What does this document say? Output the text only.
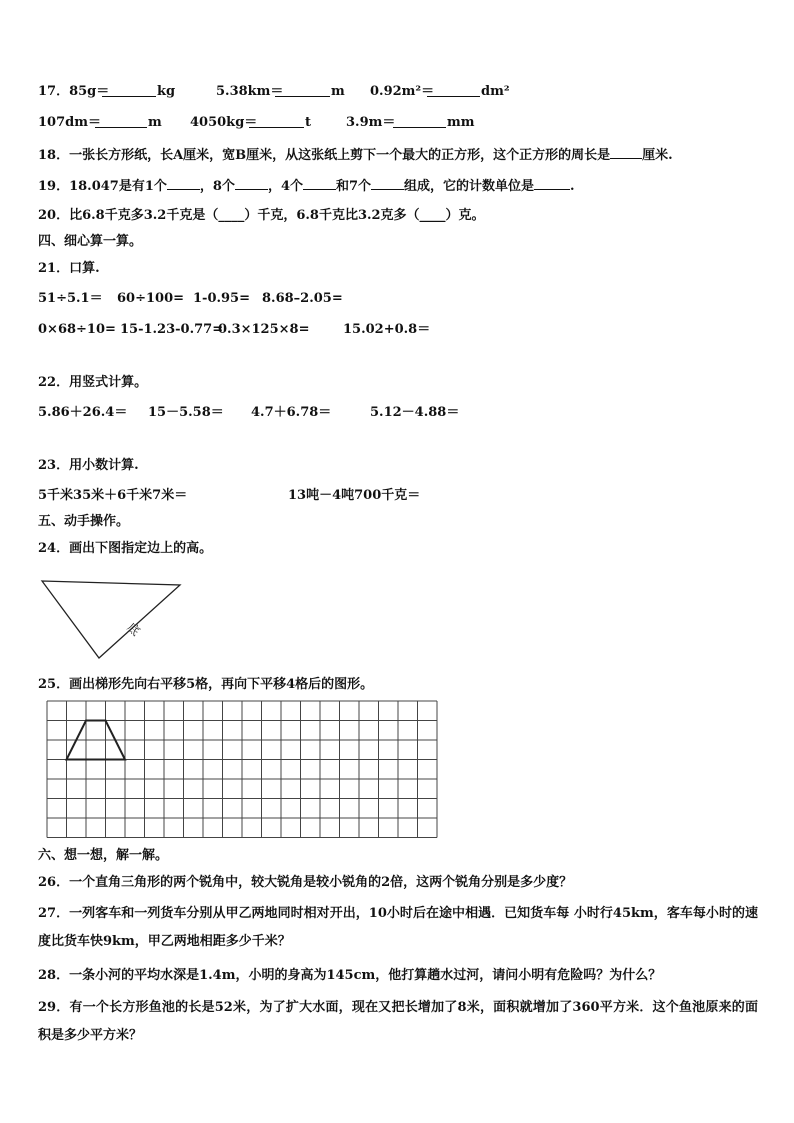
17．85g＝	kg	5.38km＝	m 0.92m²＝	dm²
107dm＝	m 4050kg＝	t	3.9m＝	mm
18．一张长方形纸，长A厘米，宽B厘米，从这张纸上剪下一个最大的正方形，这个正方形的周长是 厘米.
19．18.047是有1个	，8个	，4个	和7个	组成，它的计数单位是	.
20．比6.8千克多3.2千克是（____）千克，6.8千克比3.2克多（____）克。
四、细心算一算。
21．口算.
51÷5.1＝ 60÷100= 1-0.95= 8.68–2.05=
0×68÷10= 15-1.23-0.77=
0.3×125×8=	15.02+0.8＝
22．用竖式计算。
5.86＋26.4＝ 15－5.58＝ 4.7＋6.78＝	5.12－4.88＝
23．用小数计算.
5千米35米＋6千米7米＝	13吨－4吨700千克＝
五、动手操作。
24．画出下图指定边上的高。
底
25．画出梯形先向右平移5格，再向下平移4格后的图形。
六、想一想，解一解。
26．一个直角三角形的两个锐角中，较大锐角是较小锐角的2倍，这两个锐角分别是多少度？
27．一列客车和一列货车分别从甲乙两地同时相对开出，10小时后在途中相遇．已知货车每 小时行45km，客车每小时的速度比货车快9km，甲乙两地相距多少千米？
28．一条小河的平均水深是1.4m，小明的身高为145cm，他打算趟水过河，请问小明有危险吗？为什么？
29．有一个长方形鱼池的长是52米，为了扩大水面，现在又把长增加了8米，面积就增加了360平方米．这个鱼池原来的面积是多少平方米？
